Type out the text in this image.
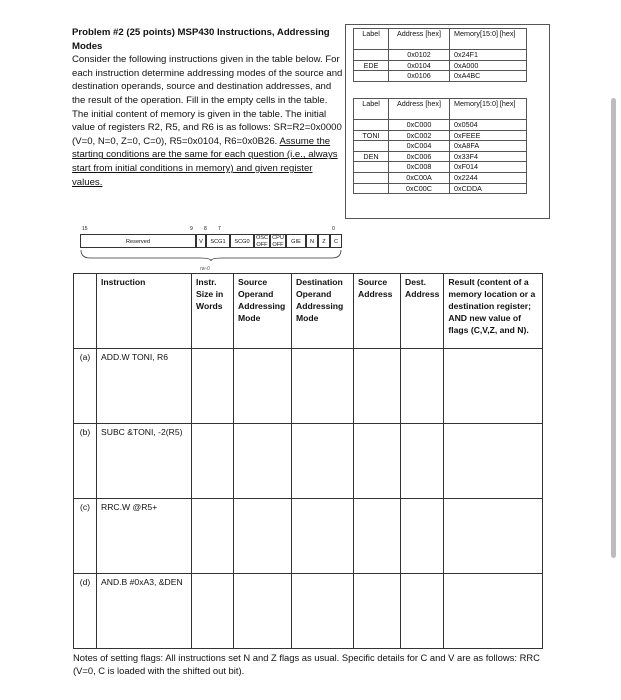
Problem #2 (25 points) MSP430 Instructions, Addressing Modes
Consider the following instructions given in the table below. For each instruction determine addressing modes of the source and destination operands, source and destination addresses, and the result of the operation. Fill in the empty cells in the table. The initial content of memory is given in the table. The initial value of registers R2, R5, and R6 is as follows: SR=R2=0x0000 (V=0, N=0, Z=0, C=0), R5=0x0104, R6=0x0B26. Assume the starting conditions are the same for each question (i.e., always start from initial conditions in memory) and given register values.
Label	Address [hex]	Memory[15:0] [hex]
	0x0102	0x24F1
EDE	0x0104	0xA000
	0x0106	0xA4BC
Label	Address [hex]	Memory[15:0] [hex]
	0xC000	0x0504
TONI	0xC002	0xFEEE
	0xC004	0xA8FA
DEN	0xC006	0x33F4
	0xC008	0xF014
	0xC00A	0x2244
	0xC00C	0xCDDA
15	9 8 7	0
Reserved	V	SCG1	SCG0
OSC OFF
CPU OFF	GIE	N	Z	C
rw-0
	Instruction	Instr. Size in Words	Source Operand Addressing Mode	Destination Operand Addressing Mode	Source Address	Dest. Address	Result (content of a memory location or a destination register; AND new value of flags (C,V,Z, and N).
(a)	ADD.W TONI, R6						
(b)	SUBC &TONI, -2(R5)						
(c)	RRC.W @R5+						
(d)	AND.B #0xA3, &DEN						
Notes of setting flags: All instructions set N and Z flags as usual. Specific details for C and V are as follows: RRC (V=0, C is loaded with the shifted out bit).
